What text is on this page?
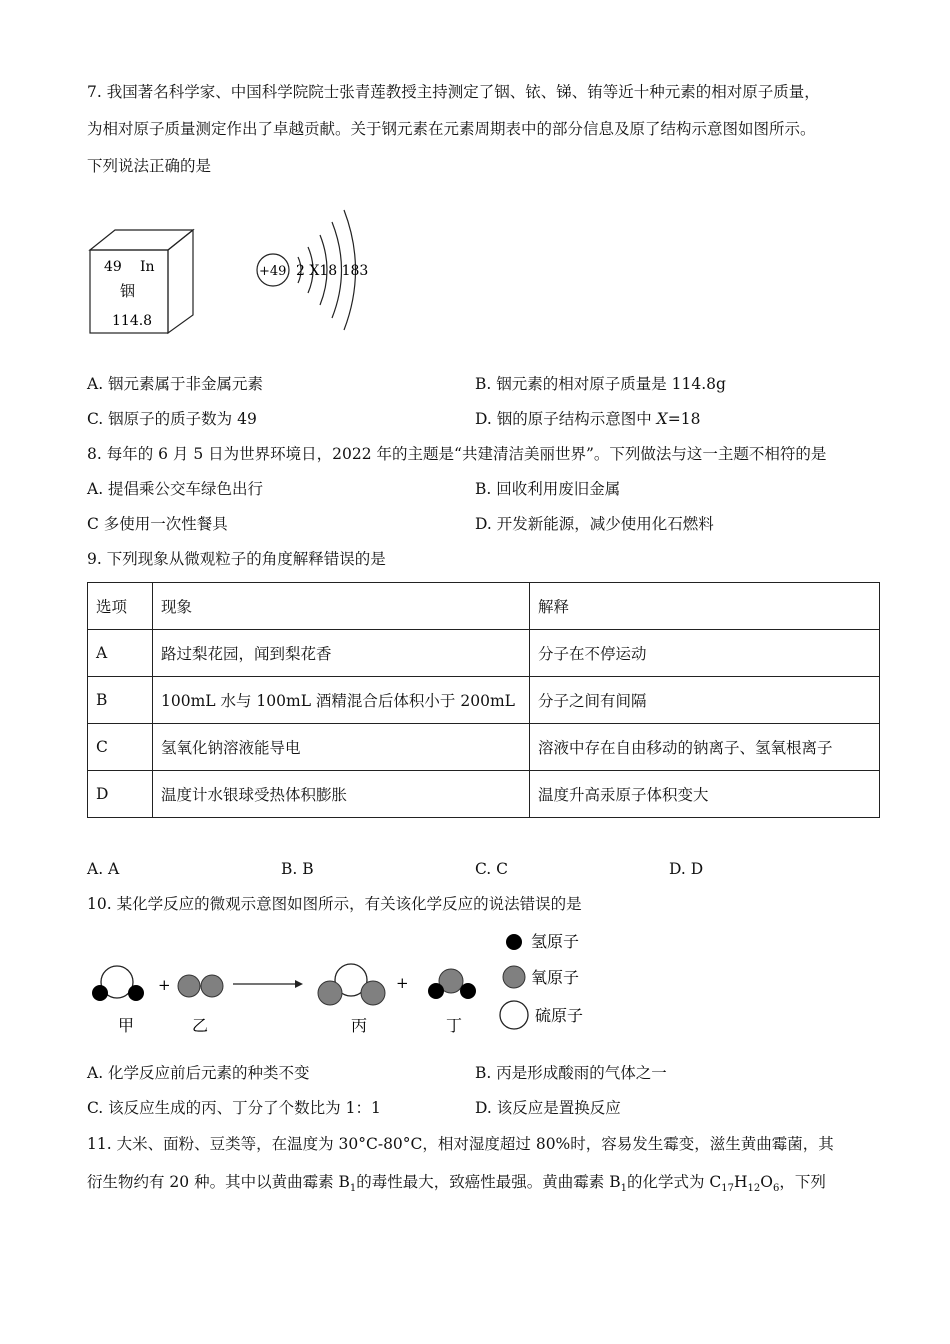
7. 我国著名科学家、中国科学院院士张青莲教授主持测定了铟、铱、锑、铕等近十种元素的相对原子质量，
为相对原子质量测定作出了卓越贡献。关于钢元素在元素周期表中的部分信息及原了结构示意图如图所示。
下列说法正确的是
49 In
铟
114.8
+49 2 X18 183
A. 铟元素属于非金属元素	B. 铟元素的相对原子质量是 114.8g
C. 铟原子的质子数为 49	D. 铟的原子结构示意图中 X=18
8. 每年的 6 月 5 日为世界环境日，2022 年的主题是“共建清洁美丽世界”。下列做法与这一主题不相符的是
A. 提倡乘公交车绿色出行	B. 回收利用废旧金属
C 多使用一次性餐具	D. 开发新能源，减少使用化石燃料
9. 下列现象从微观粒子的角度解释错误的是
选项	现象	解释
A	路过梨花园，闻到梨花香	分子在不停运动
B	100mL 水与 100mL 酒精混合后体积小于 200mL	分子之间有间隔
C	氢氧化钠溶液能导电	溶液中存在自由移动的钠离子、氢氧根离子
D	温度计水银球受热体积膨胀	温度升高汞原子体积变大
A. A	B. B	C. C	D. D
10. 某化学反应的微观示意图如图所示，有关该化学反应的说法错误的是
+	+
甲	乙	丙	丁
氢原子
氧原子
硫原子
A. 化学反应前后元素的种类不变	B. 丙是形成酸雨的气体之一
C. 该反应生成的丙、丁分了个数比为 1：1	D. 该反应是置换反应
11. 大米、面粉、豆类等，在温度为 30°C-80°C，相对湿度超过 80%时，容易发生霉变，滋生黄曲霉菌，其
衍生物约有 20 种。其中以黄曲霉素 $B_1$的毒性最大，致癌性最强。黄曲霉素 $B_1$的化学式为 $C_{17}H_{12}O_6$，下列
